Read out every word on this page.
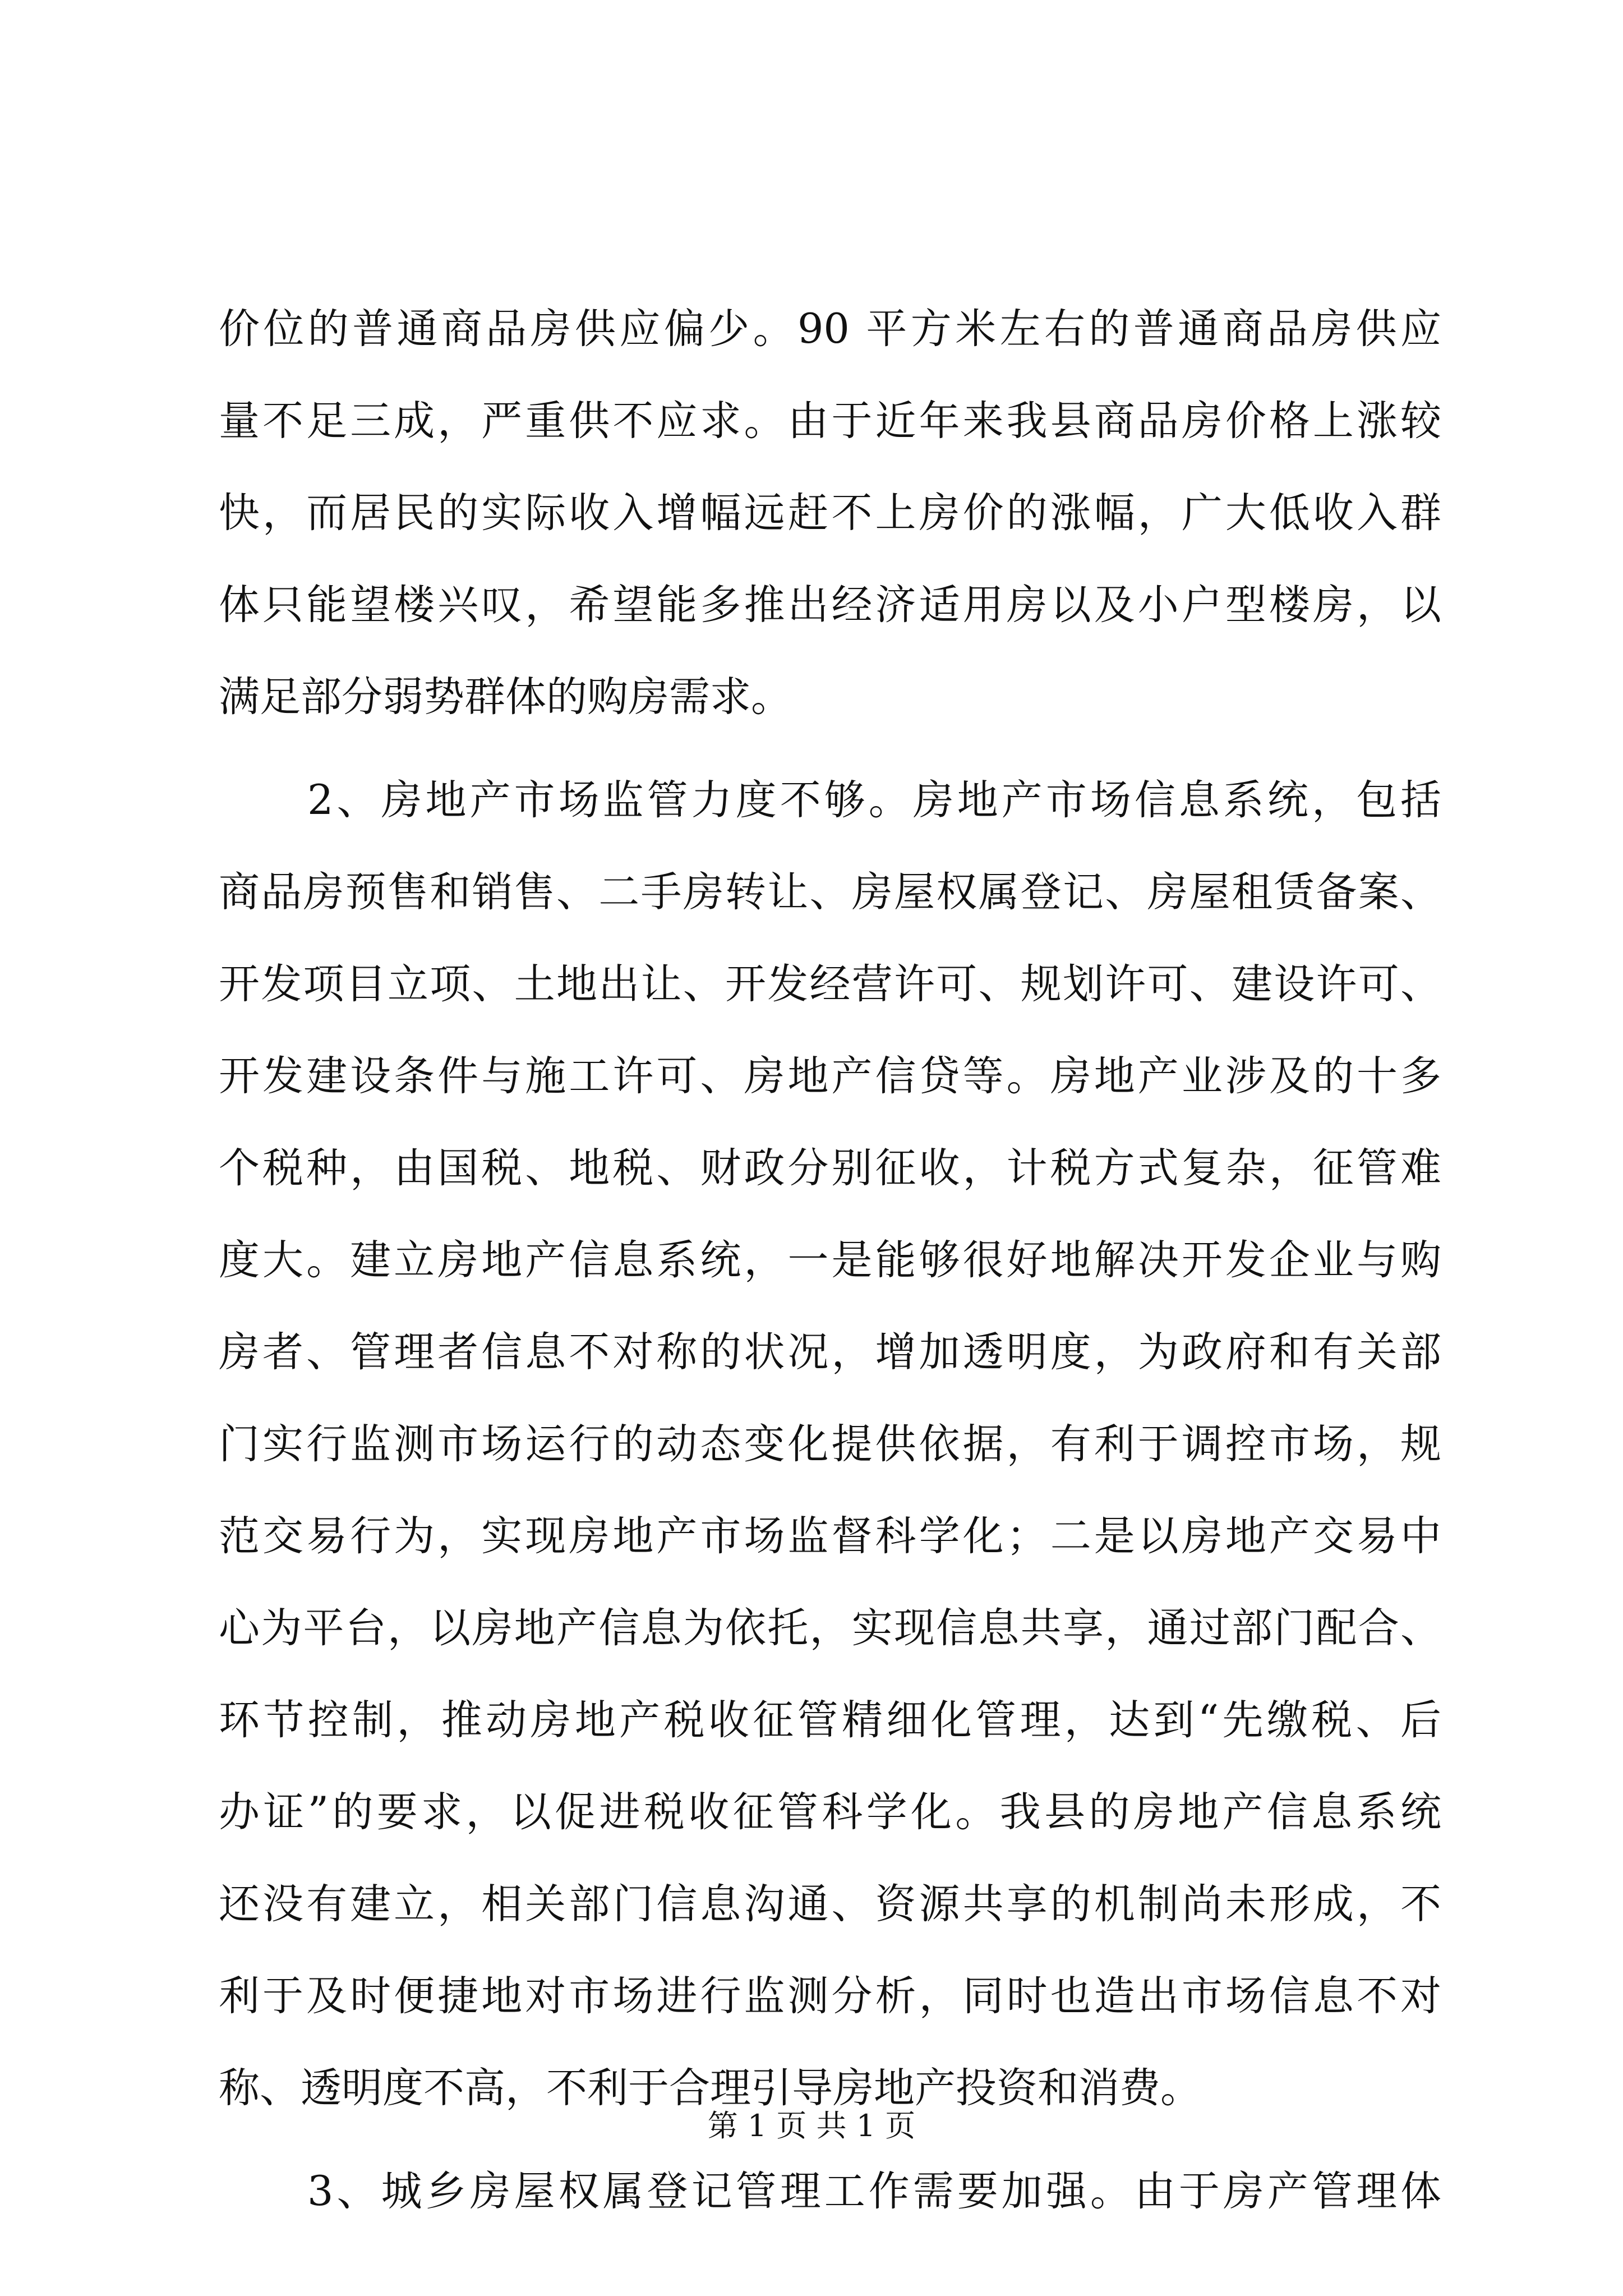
价位的普通商品房供应偏少。90 平方米左右的普通商品房供应
量不足三成，严重供不应求。由于近年来我县商品房价格上涨较
快，而居民的实际收入增幅远赶不上房价的涨幅，广大低收入群
体只能望楼兴叹，希望能多推出经济适用房以及小户型楼房，以
满足部分弱势群体的购房需求。
　　2、房地产市场监管力度不够。房地产市场信息系统，包括
商品房预售和销售、二手房转让、房屋权属登记、房屋租赁备案、
开发项目立项、土地出让、开发经营许可、规划许可、建设许可、
开发建设条件与施工许可、房地产信贷等。房地产业涉及的十多
个税种，由国税、地税、财政分别征收，计税方式复杂，征管难
度大。建立房地产信息系统，一是能够很好地解决开发企业与购
房者、管理者信息不对称的状况，增加透明度，为政府和有关部
门实行监测市场运行的动态变化提供依据，有利于调控市场，规
范交易行为，实现房地产市场监督科学化；二是以房地产交易中
心为平台，以房地产信息为依托，实现信息共享，通过部门配合、
环节控制，推动房地产税收征管精细化管理，达到“先缴税、后
办证”的要求，以促进税收征管科学化。我县的房地产信息系统
还没有建立，相关部门信息沟通、资源共享的机制尚未形成，不
利于及时便捷地对市场进行监测分析，同时也造出市场信息不对
称、透明度不高，不利于合理引导房地产投资和消费。
　　3、城乡房屋权属登记管理工作需要加强。由于房产管理体
第 1 页 共 1 页
